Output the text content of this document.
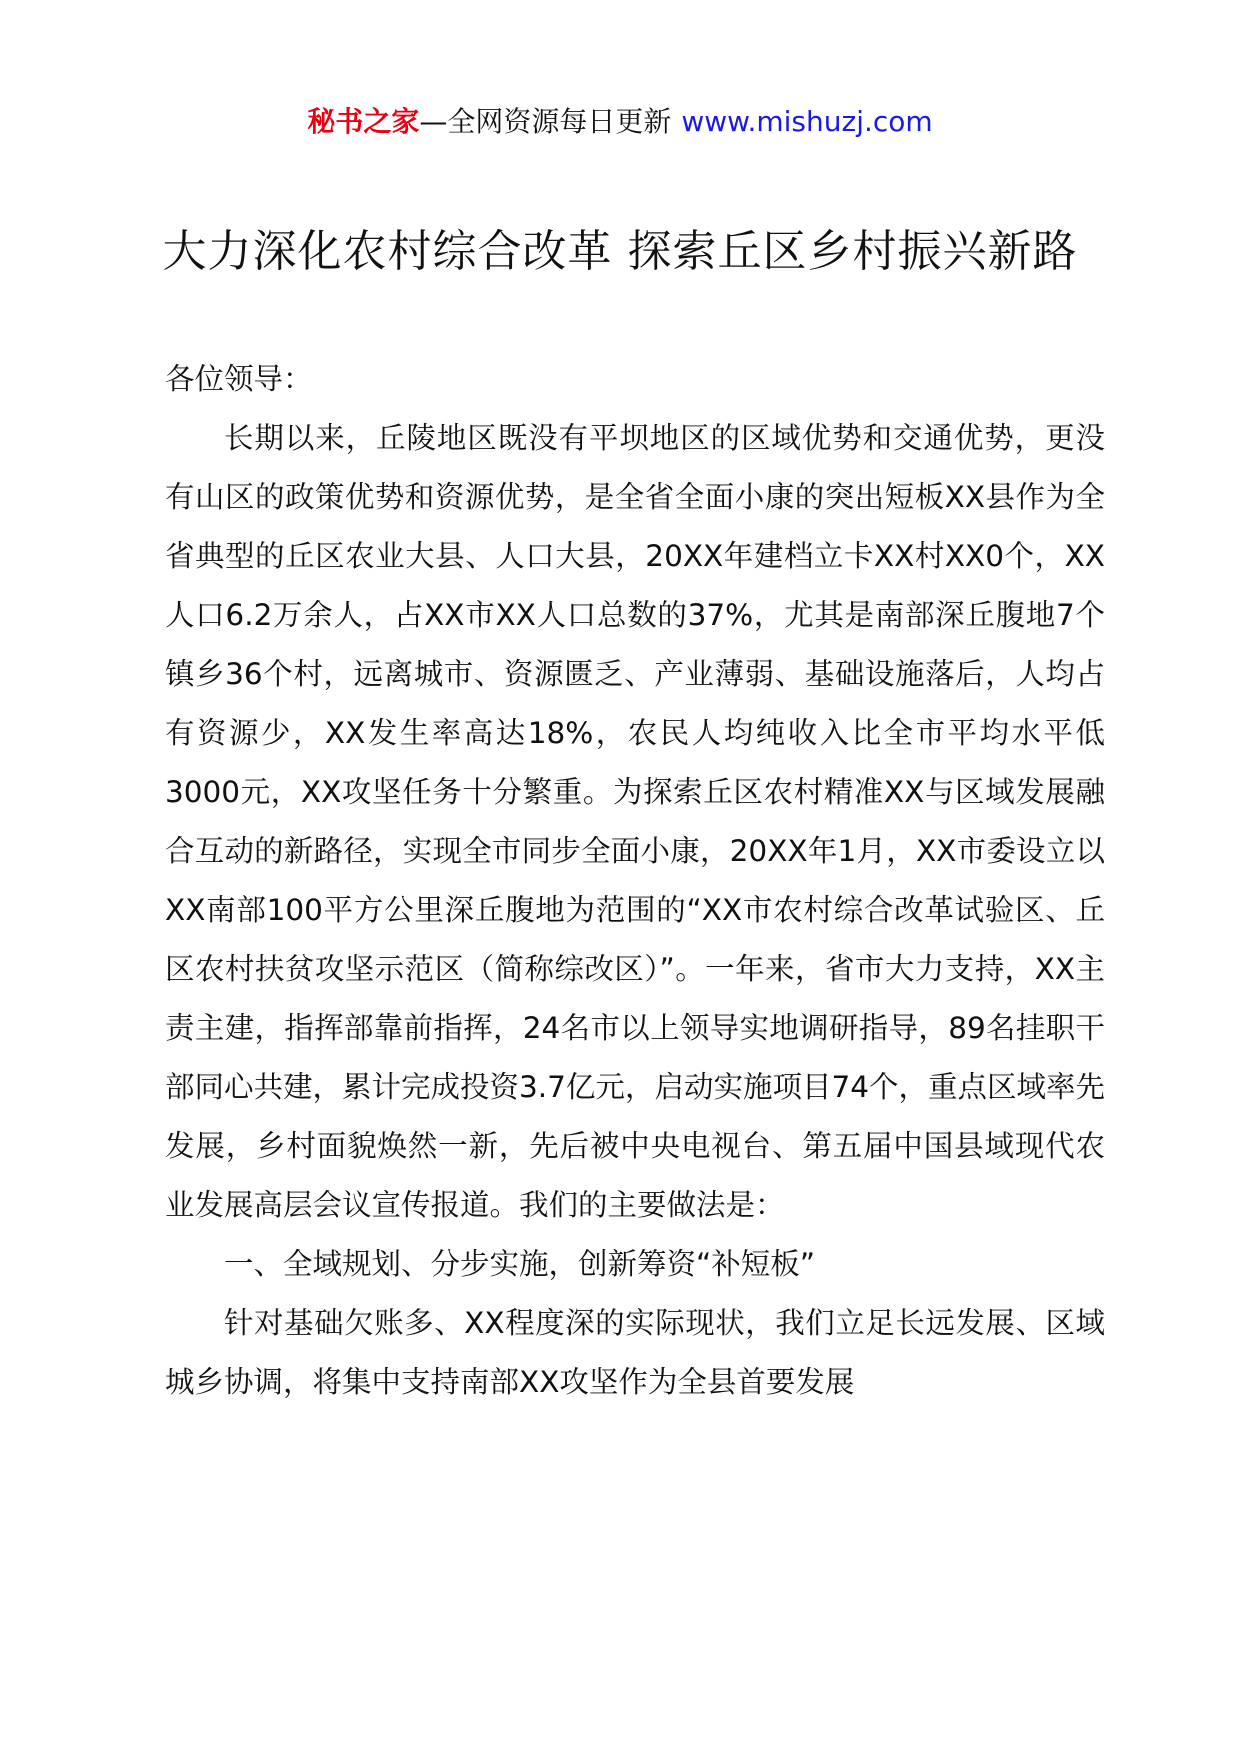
秘书之家—全网资源每日更新 www.mishuzj.com
大力深化农村综合改革 探索丘区乡村振兴新路

各位领导：

长期以来，丘陵地区既没有平坝地区的区域优势和交通优势，更没有山区的政策优势和资源优势，是全省全面小康的突出短板XX县作为全省典型的丘区农业大县、人口大县，20XX年建档立卡XX村XX0个，XX人口6.2万余人，占XX市XX人口总数的37%，尤其是南部深丘腹地7个镇乡36个村，远离城市、资源匮乏、产业薄弱、基础设施落后，人均占有资源少，XX发生率高达18%，农民人均纯收入比全市平均水平低3000元，XX攻坚任务十分繁重。为探索丘区农村精准XX与区域发展融合互动的新路径，实现全市同步全面小康，20XX年1月，XX市委设立以XX南部100平方公里深丘腹地为范围的“XX市农村综合改革试验区、丘区农村扶贫攻坚示范区（简称综改区）”。一年来，省市大力支持，XX主责主建，指挥部靠前指挥，24名市以上领导实地调研指导，89名挂职干部同心共建，累计完成投资3.7亿元，启动实施项目74个，重点区域率先发展，乡村面貌焕然一新，先后被中央电视台、第五届中国县域现代农业发展高层会议宣传报道。我们的主要做法是：

一、全域规划、分步实施，创新筹资“补短板”

针对基础欠账多、XX程度深的实际现状，我们立足长远发展、区域城乡协调，将集中支持南部XX攻坚作为全县首要发展
